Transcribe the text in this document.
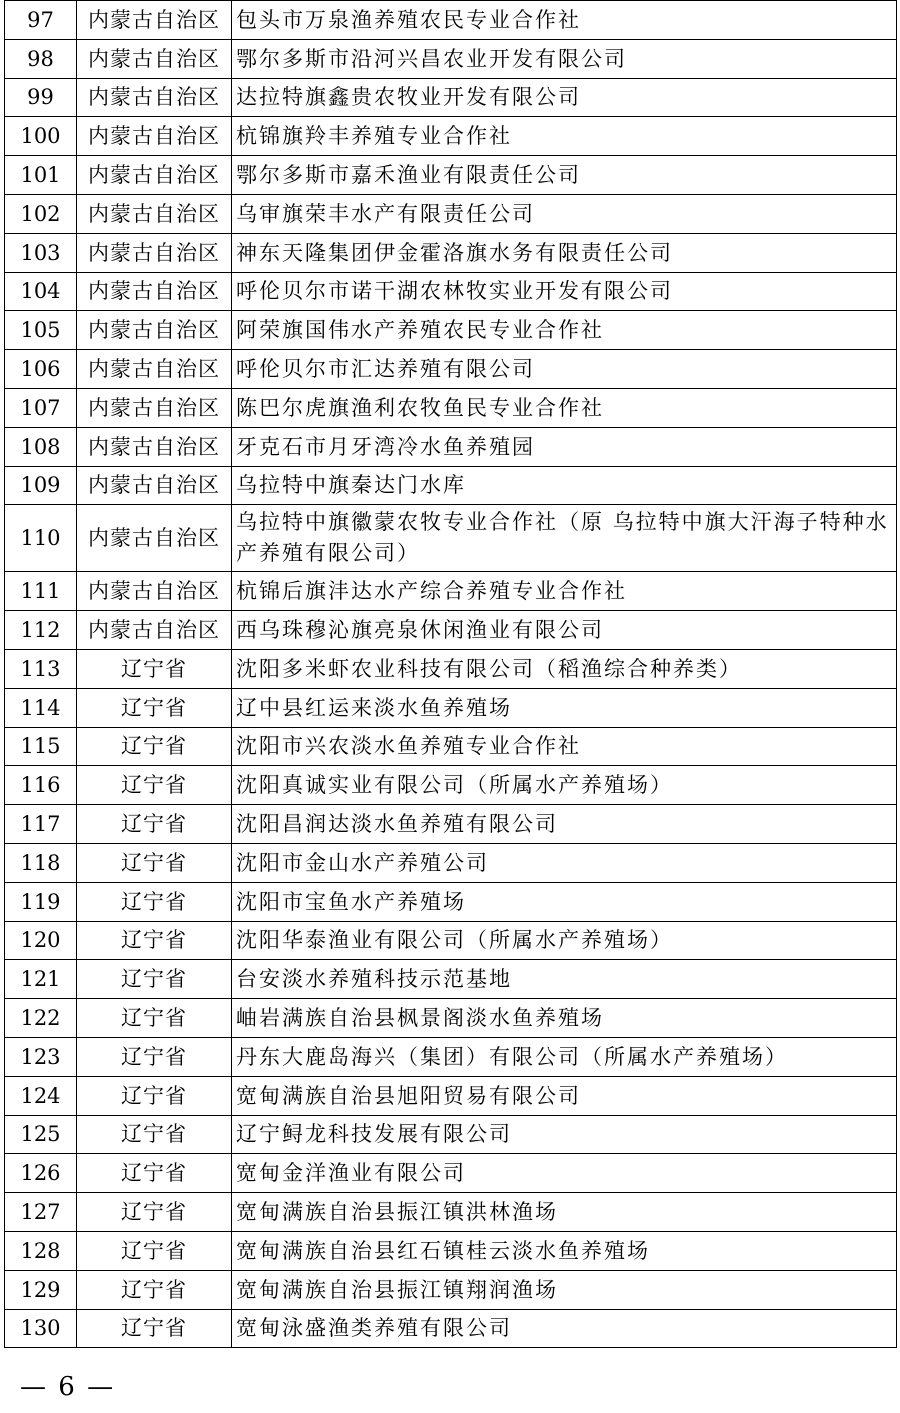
97	内蒙古自治区	包头市万泉渔养殖农民专业合作社
98	内蒙古自治区	鄂尔多斯市沿河兴昌农业开发有限公司
99	内蒙古自治区	达拉特旗鑫贵农牧业开发有限公司
100	内蒙古自治区	杭锦旗羚丰养殖专业合作社
101	内蒙古自治区	鄂尔多斯市嘉禾渔业有限责任公司
102	内蒙古自治区	乌审旗荣丰水产有限责任公司
103	内蒙古自治区	神东天隆集团伊金霍洛旗水务有限责任公司
104	内蒙古自治区	呼伦贝尔市诺干湖农林牧实业开发有限公司
105	内蒙古自治区	阿荣旗国伟水产养殖农民专业合作社
106	内蒙古自治区	呼伦贝尔市汇达养殖有限公司
107	内蒙古自治区	陈巴尔虎旗渔利农牧鱼民专业合作社
108	内蒙古自治区	牙克石市月牙湾冷水鱼养殖园
109	内蒙古自治区	乌拉特中旗秦达门水库
110	内蒙古自治区	乌拉特中旗徽蒙农牧专业合作社（原 乌拉特中旗大汗海子特种水产养殖有限公司）
111	内蒙古自治区	杭锦后旗沣达水产综合养殖专业合作社
112	内蒙古自治区	西乌珠穆沁旗亮泉休闲渔业有限公司
113	辽宁省	沈阳多米虾农业科技有限公司（稻渔综合种养类）
114	辽宁省	辽中县红运来淡水鱼养殖场
115	辽宁省	沈阳市兴农淡水鱼养殖专业合作社
116	辽宁省	沈阳真诚实业有限公司（所属水产养殖场）
117	辽宁省	沈阳昌润达淡水鱼养殖有限公司
118	辽宁省	沈阳市金山水产养殖公司
119	辽宁省	沈阳市宝鱼水产养殖场
120	辽宁省	沈阳华泰渔业有限公司（所属水产养殖场）
121	辽宁省	台安淡水养殖科技示范基地
122	辽宁省	岫岩满族自治县枫景阁淡水鱼养殖场
123	辽宁省	丹东大鹿岛海兴（集团）有限公司（所属水产养殖场）
124	辽宁省	宽甸满族自治县旭阳贸易有限公司
125	辽宁省	辽宁鲟龙科技发展有限公司
126	辽宁省	宽甸金洋渔业有限公司
127	辽宁省	宽甸满族自治县振江镇洪林渔场
128	辽宁省	宽甸满族自治县红石镇桂云淡水鱼养殖场
129	辽宁省	宽甸满族自治县振江镇翔润渔场
130	辽宁省	宽甸泳盛渔类养殖有限公司
— 6 —
